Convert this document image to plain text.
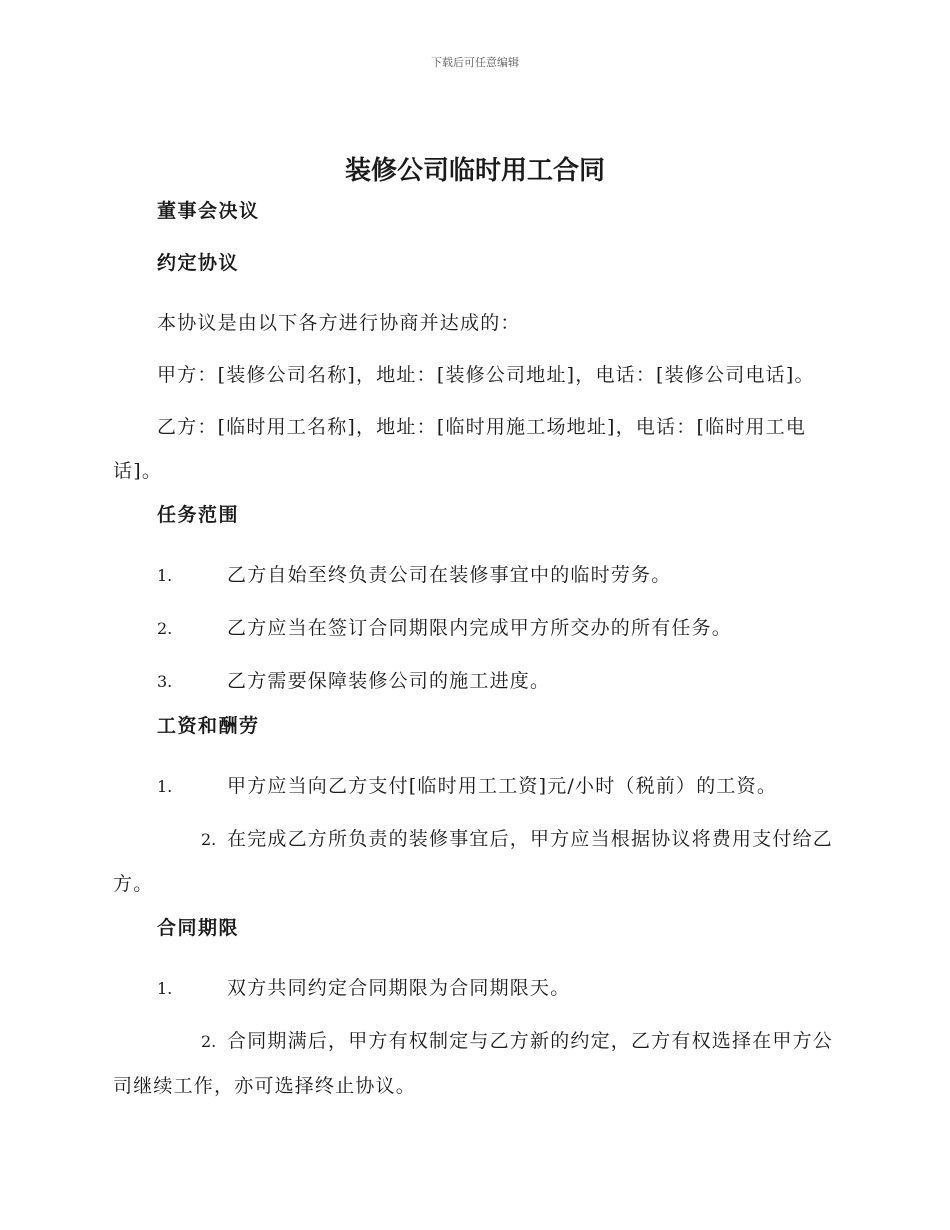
下载后可任意编辑
装修公司临时用工合同
董事会决议
约定协议

本协议是由以下各方进行协商并达成的：

甲方：[装修公司名称]，地址：[装修公司地址]，电话：[装修公司电话]。

乙方：[临时用工名称]，地址：[临时用施工场地址]，电话：[临时用工电话]。

任务范围

1.	乙方自始至终负责公司在装修事宜中的临时劳务。

2.	乙方应当在签订合同期限内完成甲方所交办的所有任务。

3.	乙方需要保障装修公司的施工进度。

工资和酬劳

1.	甲方应当向乙方支付[临时用工工资]元/小时（税前）的工资。

2. 在完成乙方所负责的装修事宜后，甲方应当根据协议将费用支付给乙方。

合同期限

1.	双方共同约定合同期限为合同期限天。

2. 合同期满后，甲方有权制定与乙方新的约定，乙方有权选择在甲方公司继续工作，亦可选择终止协议。
